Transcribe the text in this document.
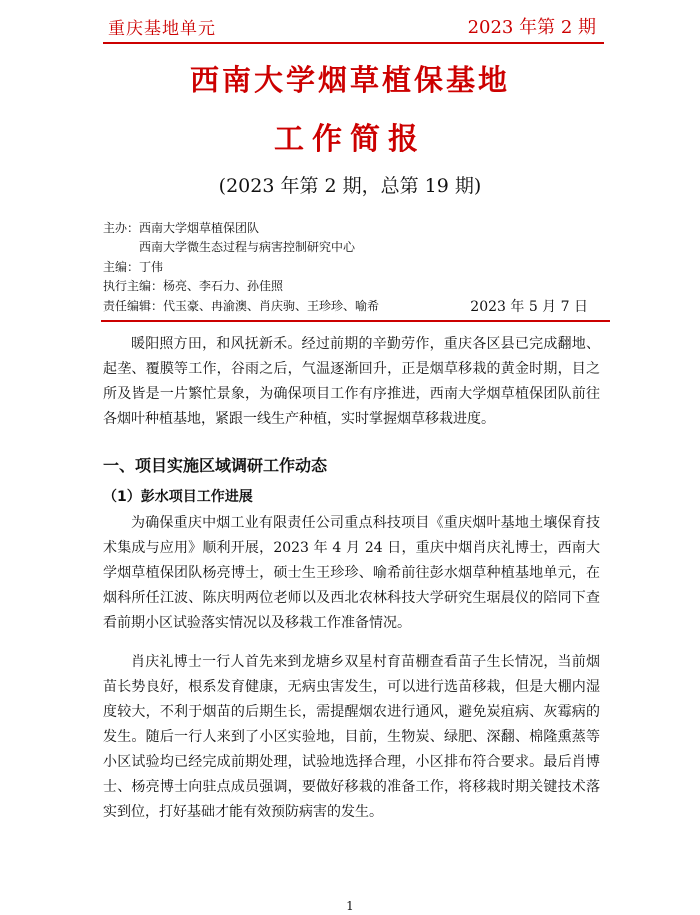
重庆基地单元	2023 年第 2 期
西南大学烟草植保基地
工作简报
(2023 年第 2 期，总第 19 期)
主办：西南大学烟草植保团队
西南大学微生态过程与病害控制研究中心
主编：丁伟
执行主编：杨亮、李石力、孙佳照
责任编辑：代玉豪、冉渝澳、肖庆驹、王珍珍、喻希	2023 年 5 月 7 日
暖阳照方田，和风抚新禾。经过前期的辛勤劳作，重庆各区县已完成翻地、起垄、覆膜等工作，谷雨之后，气温逐渐回升，正是烟草移栽的黄金时期，目之所及皆是一片繁忙景象，为确保项目工作有序推进，西南大学烟草植保团队前往各烟叶种植基地，紧跟一线生产种植，实时掌握烟草移栽进度。
一、项目实施区域调研工作动态
（1）彭水项目工作进展
为确保重庆中烟工业有限责任公司重点科技项目《重庆烟叶基地土壤保育技术集成与应用》顺利开展，2023 年 4 月 24 日，重庆中烟肖庆礼博士，西南大学烟草植保团队杨亮博士，硕士生王珍珍、喻希前往彭水烟草种植基地单元，在烟科所任江波、陈庆明两位老师以及西北农林科技大学研究生琚晨仪的陪同下查看前期小区试验落实情况以及移栽工作准备情况。
肖庆礼博士一行人首先来到龙塘乡双星村育苗棚查看苗子生长情况，当前烟苗长势良好，根系发育健康，无病虫害发生，可以进行选苗移栽，但是大棚内湿度较大，不利于烟苗的后期生长，需提醒烟农进行通风，避免炭疽病、灰霉病的发生。随后一行人来到了小区实验地，目前，生物炭、绿肥、深翻、棉隆熏蒸等小区试验均已经完成前期处理，试验地选择合理，小区排布符合要求。最后肖博士、杨亮博士向驻点成员强调，要做好移栽的准备工作，将移栽时期关键技术落实到位，打好基础才能有效预防病害的发生。
1
